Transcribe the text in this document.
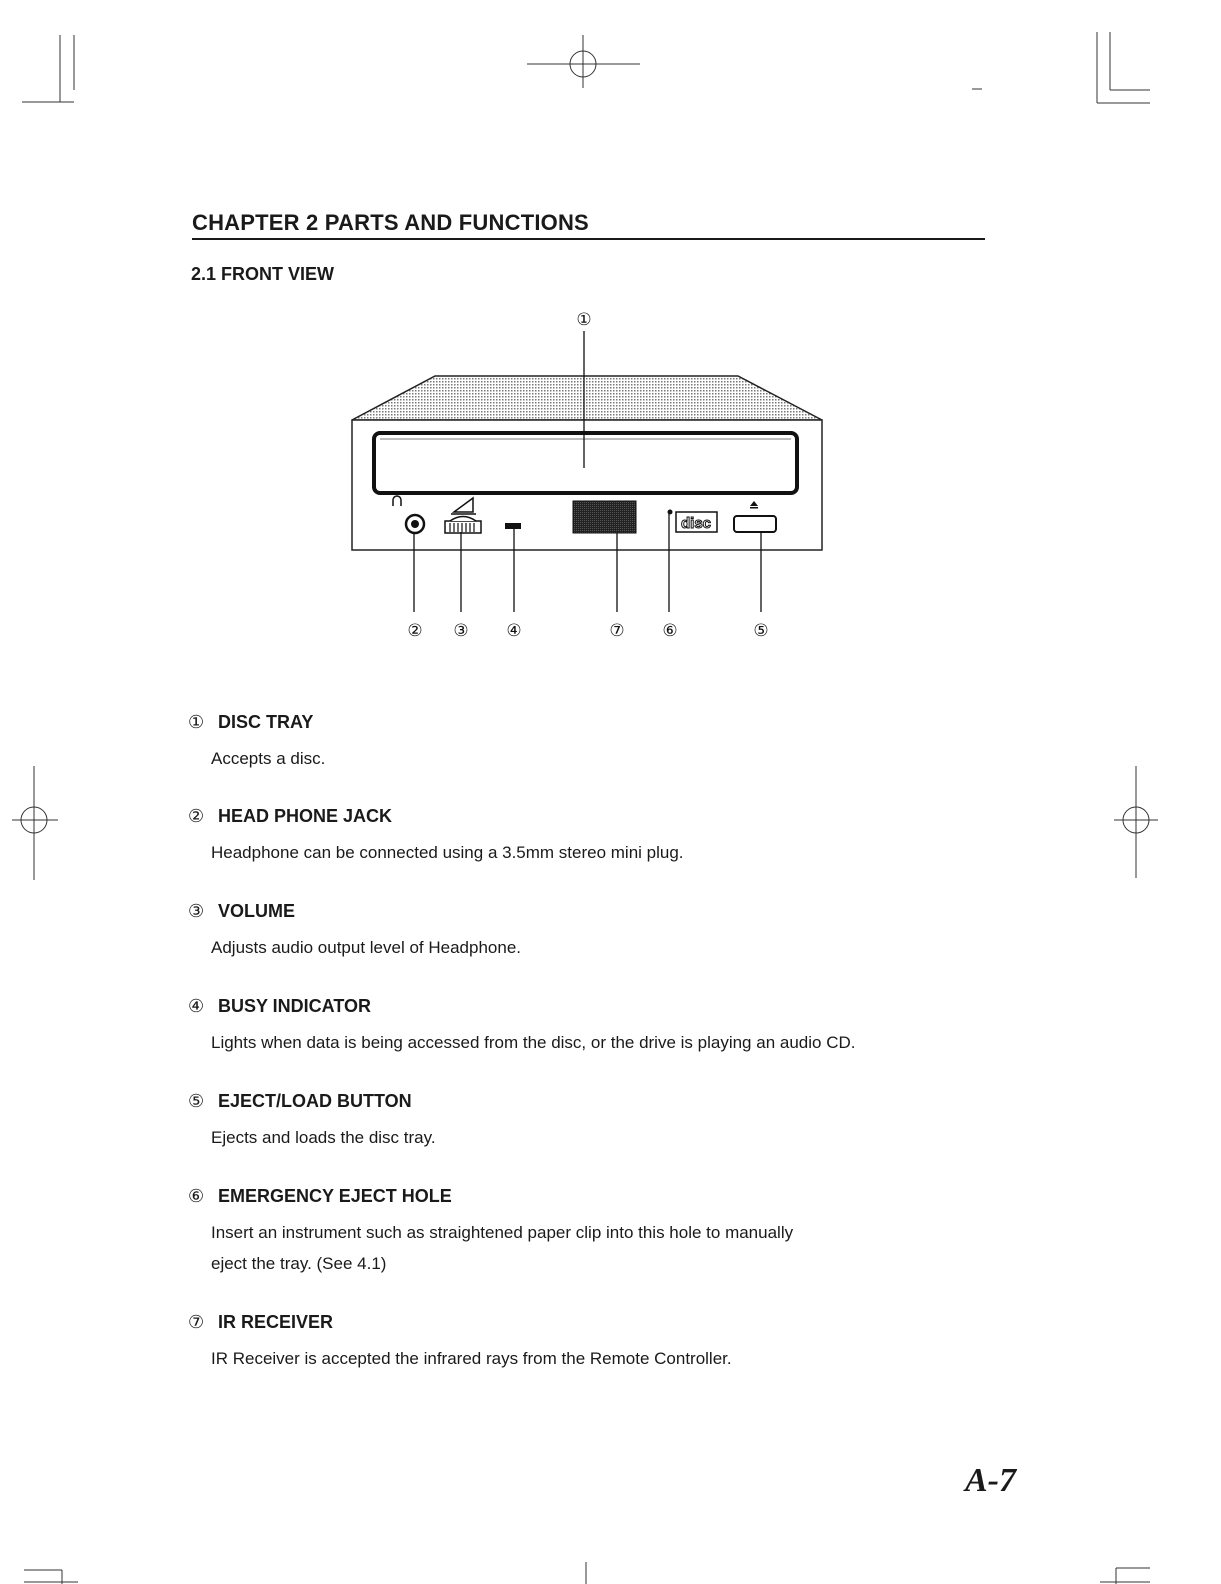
CHAPTER 2 PARTS AND FUNCTIONS
2.1 FRONT VIEW
disc
①
② ③ ④	⑦ ⑥	⑤
① DISC TRAY
Accepts a disc.
② HEAD PHONE JACK
Headphone can be connected using a 3.5mm stereo mini plug.
③ VOLUME
Adjusts audio output level of Headphone.
④ BUSY INDICATOR
Lights when data is being accessed from the disc, or the drive is playing an audio CD.
⑤ EJECT/LOAD BUTTON
Ejects and loads the disc tray.
⑥ EMERGENCY EJECT HOLE
Insert an instrument such as straightened paper clip into this hole to manually
eject the tray. (See 4.1)
⑦ IR RECEIVER
IR Receiver is accepted the infrared rays from the Remote Controller.
A-7
